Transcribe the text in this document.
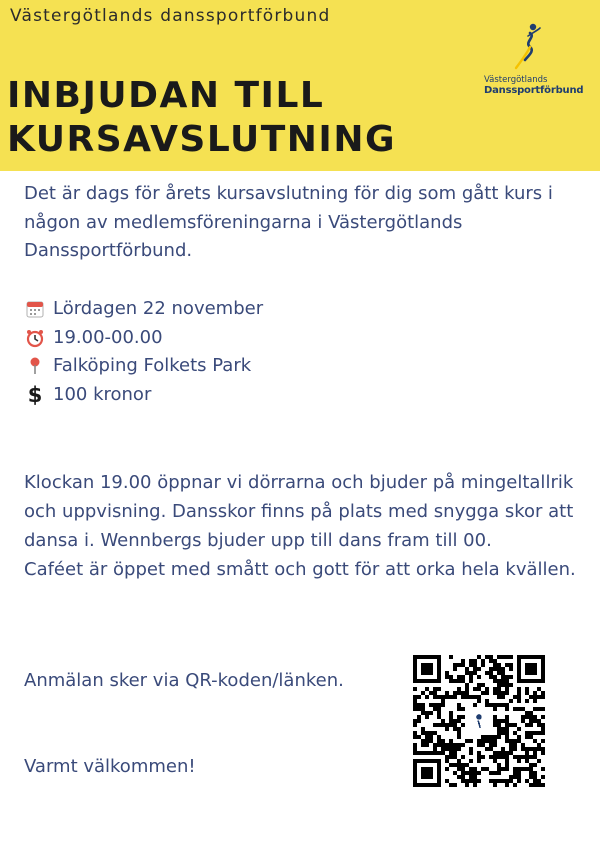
Västergötlands danssportförbund
INBJUDAN TILL
KURSAVSLUTNING
Västergötlands
Danssportförbund
Det är dags för årets kursavslutning för dig som gått kurs i någon av medlemsföreningarna i Västergötlands Danssportförbund.
Lördagen 22 november
19.00-00.00
Falköping Folkets Park
$ 100 kronor
Klockan 19.00 öppnar vi dörrarna och bjuder på mingeltallrik och uppvisning. Dansskor finns på plats med snygga skor att dansa i. Wennbergs bjuder upp till dans fram till 00.
Caféet är öppet med smått och gott för att orka hela kvällen.
Anmälan sker via QR-koden/länken.
Varmt välkommen!
